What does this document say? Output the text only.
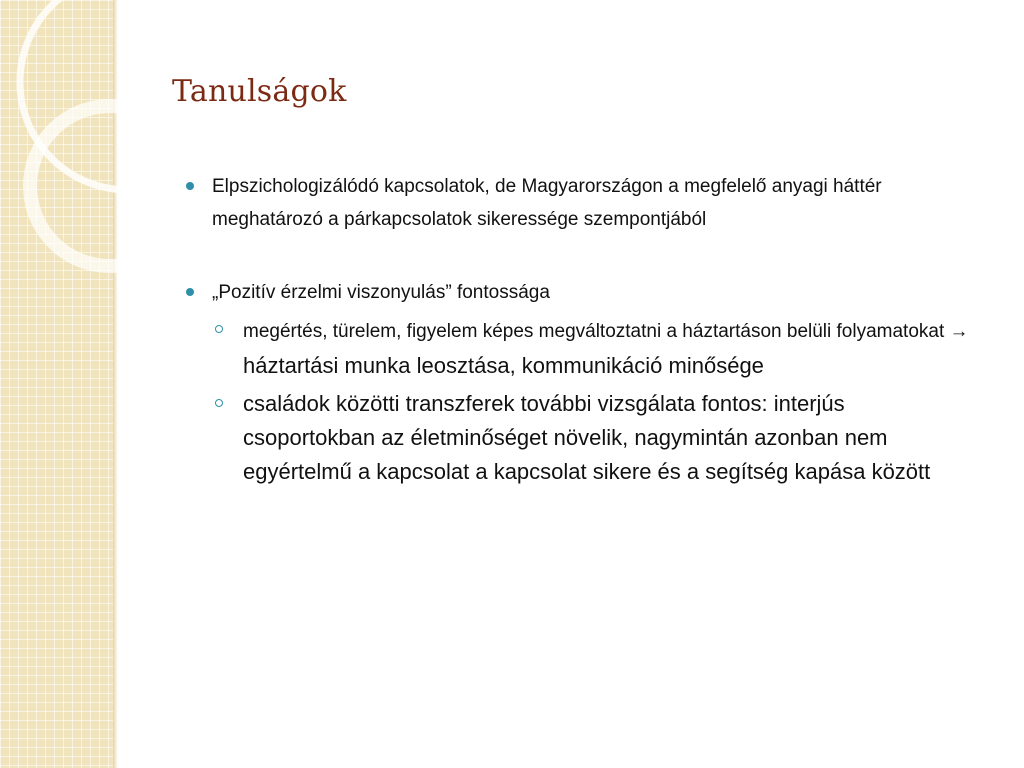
Tanulságok
Elpszichologizálódó kapcsolatok, de Magyarországon a megfelelő anyagi háttér meghatározó a párkapcsolatok sikeressége szempontjából
„Pozitív érzelmi viszonyulás” fontossága
megértés, türelem, figyelem képes megváltoztatni a háztartáson belüli folyamatokat → háztartási munka leosztása, kommunikáció minősége
családok közötti transzferek további vizsgálata fontos: interjús csoportokban az életminőséget növelik, nagymintán azonban nem egyértelmű a kapcsolat a kapcsolat sikere és a segítség kapása között
